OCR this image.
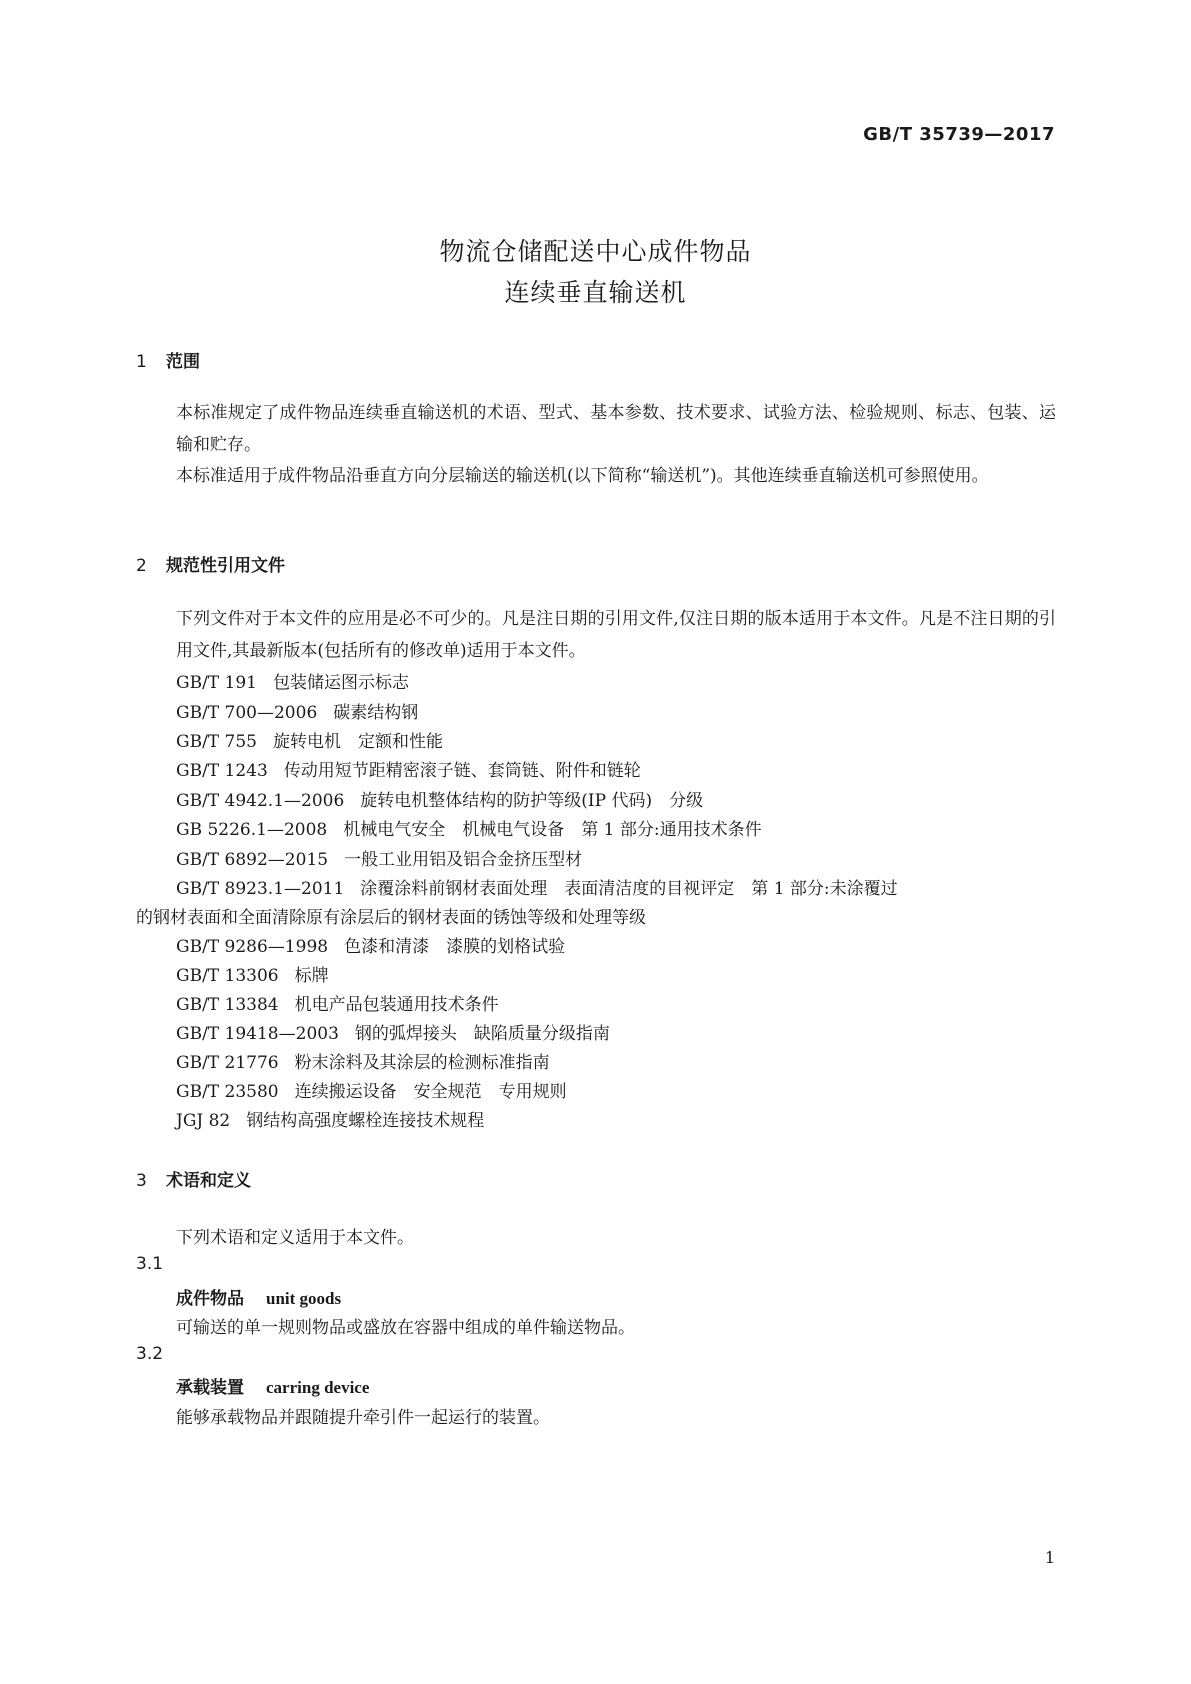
GB/T 35739—2017
物流仓储配送中心成件物品
连续垂直输送机
1 范围
本标准规定了成件物品连续垂直输送机的术语、型式、基本参数、技术要求、试验方法、检验规则、标志、包装、运输和贮存。
本标准适用于成件物品沿垂直方向分层输送的输送机(以下简称“输送机”)。其他连续垂直输送机可参照使用。
2 规范性引用文件
下列文件对于本文件的应用是必不可少的。凡是注日期的引用文件,仅注日期的版本适用于本文件。凡是不注日期的引用文件,其最新版本(包括所有的修改单)适用于本文件。
GB/T 191 包装储运图示标志
GB/T 700—2006 碳素结构钢
GB/T 755 旋转电机　定额和性能
GB/T 1243 传动用短节距精密滚子链、套筒链、附件和链轮
GB/T 4942.1—2006 旋转电机整体结构的防护等级(IP 代码)　分级
GB 5226.1—2008 机械电气安全　机械电气设备　第 1 部分:通用技术条件
GB/T 6892—2015 一般工业用铝及铝合金挤压型材
GB/T 8923.1—2011 涂覆涂料前钢材表面处理　表面清洁度的目视评定　第 1 部分:未涂覆过
的钢材表面和全面清除原有涂层后的钢材表面的锈蚀等级和处理等级
GB/T 9286—1998 色漆和清漆　漆膜的划格试验
GB/T 13306 标牌
GB/T 13384 机电产品包装通用技术条件
GB/T 19418—2003 钢的弧焊接头　缺陷质量分级指南
GB/T 21776 粉末涂料及其涂层的检测标准指南
GB/T 23580 连续搬运设备　安全规范　专用规则
JGJ 82 钢结构高强度螺栓连接技术规程
3 术语和定义
下列术语和定义适用于本文件。
3.1
成件物品 unit goods
可输送的单一规则物品或盛放在容器中组成的单件输送物品。
3.2
承载装置 carring device
能够承载物品并跟随提升牵引件一起运行的装置。
1
